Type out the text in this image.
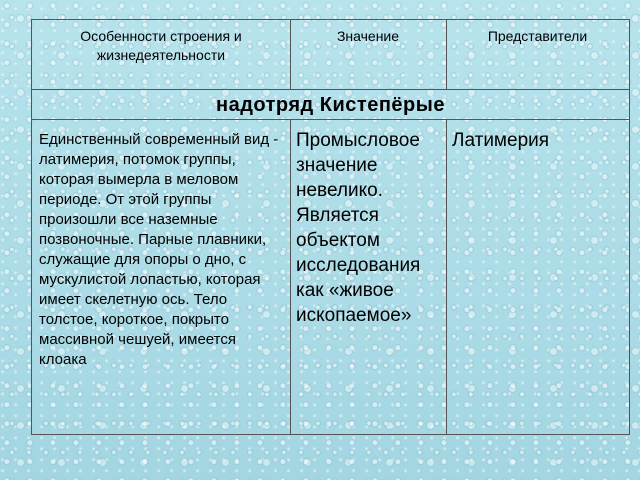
Особенности строения и жизнедеятельности
Значение	Представители
надотряд Кистепёрые
Единственный современный вид - латимерия, потомок группы, которая вымерла в меловом периоде. От этой группы произошли все наземные позвоночные. Парные плавники, служащие для опоры о дно, с мускулистой лопастью, которая имеет скелетную ось. Тело толстое, короткое, покрыто массивной чешуей, имеется клоака
Промысловое значение невелико. Является объектом исследования как «живое ископаемое»
Латимерия
